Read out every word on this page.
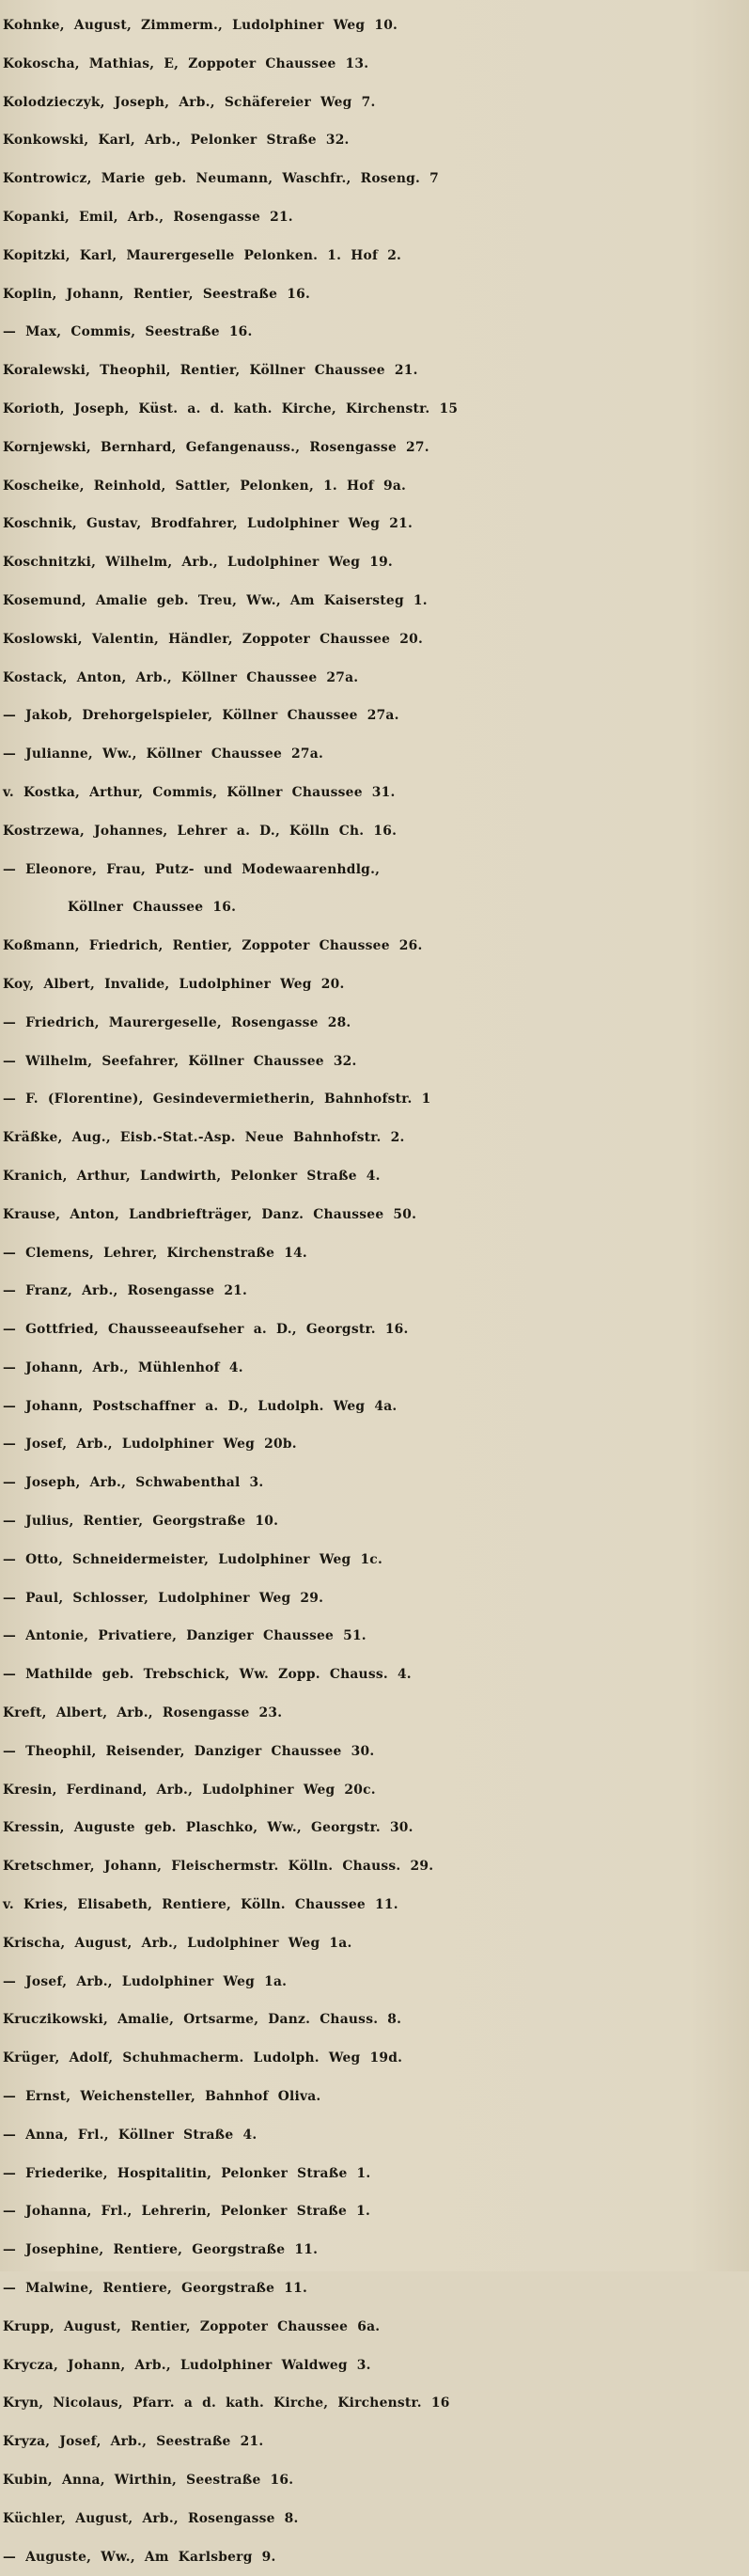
Kohnke, August, Zimmerm., Ludolphiner Weg 10.
Kokoscha, Mathias, E, Zoppoter Chaussee 13.
Kolodzieczyk, Joseph, Arb., Schäfereier Weg 7.
Konkowski, Karl, Arb., Pelonker Straße 32.
Kontrowicz, Marie geb. Neumann, Waschfr., Roseng. 7
Kopanki, Emil, Arb., Rosengasse 21.
Kopitzki, Karl, Maurergeselle Pelonken. 1. Hof 2.
Koplin, Johann, Rentier, Seestraße 16.
— Max, Commis, Seestraße 16.
Koralewski, Theophil, Rentier, Köllner Chaussee 21.
Korioth, Joseph, Küst. a. d. kath. Kirche, Kirchenstr. 15
Kornjewski, Bernhard, Gefangenauss., Rosengasse 27.
Koscheike, Reinhold, Sattler, Pelonken, 1. Hof 9a.
Koschnik, Gustav, Brodfahrer, Ludolphiner Weg 21.
Koschnitzki, Wilhelm, Arb., Ludolphiner Weg 19.
Kosemund, Amalie geb. Treu, Ww., Am Kaisersteg 1.
Koslowski, Valentin, Händler, Zoppoter Chaussee 20.
Kostack, Anton, Arb., Köllner Chaussee 27a.
— Jakob, Drehorgelspieler, Köllner Chaussee 27a.
— Julianne, Ww., Köllner Chaussee 27a.
v. Kostka, Arthur, Commis, Köllner Chaussee 31.
Kostrzewa, Johannes, Lehrer a. D., Kölln Ch. 16.
— Eleonore, Frau, Putz- und Modewaarenhdlg.,
Köllner Chaussee 16.
Koßmann, Friedrich, Rentier, Zoppoter Chaussee 26.
Koy, Albert, Invalide, Ludolphiner Weg 20.
— Friedrich, Maurergeselle, Rosengasse 28.
— Wilhelm, Seefahrer, Köllner Chaussee 32.
— F. (Florentine), Gesindevermietherin, Bahnhofstr. 1
Kräßke, Aug., Eisb.-Stat.-Asp. Neue Bahnhofstr. 2.
Kranich, Arthur, Landwirth, Pelonker Straße 4.
Krause, Anton, Landbriefträger, Danz. Chaussee 50.
— Clemens, Lehrer, Kirchenstraße 14.
— Franz, Arb., Rosengasse 21.
— Gottfried, Chausseeaufseher a. D., Georgstr. 16.
— Johann, Arb., Mühlenhof 4.
— Johann, Postschaffner a. D., Ludolph. Weg 4a.
— Josef, Arb., Ludolphiner Weg 20b.
— Joseph, Arb., Schwabenthal 3.
— Julius, Rentier, Georgstraße 10.
— Otto, Schneidermeister, Ludolphiner Weg 1c.
— Paul, Schlosser, Ludolphiner Weg 29.
— Antonie, Privatiere, Danziger Chaussee 51.
— Mathilde geb. Trebschick, Ww. Zopp. Chauss. 4.
Kreft, Albert, Arb., Rosengasse 23.
— Theophil, Reisender, Danziger Chaussee 30.
Kresin, Ferdinand, Arb., Ludolphiner Weg 20c.
Kressin, Auguste geb. Plaschko, Ww., Georgstr. 30.
Kretschmer, Johann, Fleischermstr. Kölln. Chauss. 29.
v. Kries, Elisabeth, Rentiere, Kölln. Chaussee 11.
Krischa, August, Arb., Ludolphiner Weg 1a.
— Josef, Arb., Ludolphiner Weg 1a.
Kruczikowski, Amalie, Ortsarme, Danz. Chauss. 8.
Krüger, Adolf, Schuhmacherm. Ludolph. Weg 19d.
— Ernst, Weichensteller, Bahnhof Oliva.
— Anna, Frl., Köllner Straße 4.
— Friederike, Hospitalitin, Pelonker Straße 1.
— Johanna, Frl., Lehrerin, Pelonker Straße 1.
— Josephine, Rentiere, Georgstraße 11.
— Malwine, Rentiere, Georgstraße 11.
Krupp, August, Rentier, Zoppoter Chaussee 6a.
Krycza, Johann, Arb., Ludolphiner Waldweg 3.
Kryn, Nicolaus, Pfarr. a d. kath. Kirche, Kirchenstr. 16
Kryza, Josef, Arb., Seestraße 21.
Kubin, Anna, Wirthin, Seestraße 16.
Küchler, August, Arb., Rosengasse 8.
— Auguste, Ww., Am Karlsberg 9.
